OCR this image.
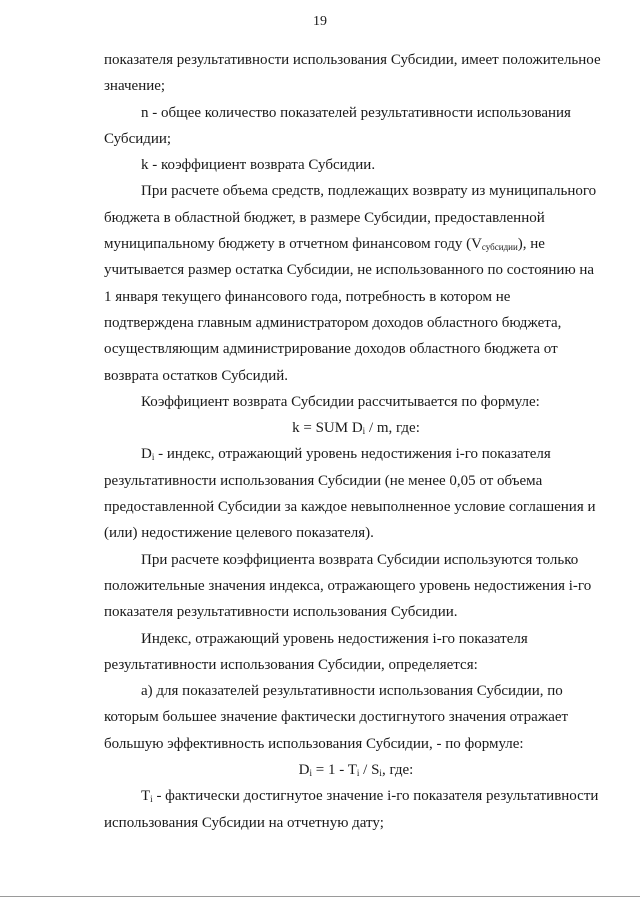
19

показателя результативности использования Субсидии, имеет положительное

значение;

n - общее количество показателей результативности использования

Субсидии;

k - коэффициент возврата Субсидии.

При расчете объема средств, подлежащих возврату из муниципального

бюджета в областной бюджет, в размере Субсидии, предоставленной

муниципальному бюджету в отчетном финансовом году $(V_{субсидии})$, не

учитывается размер остатка Субсидии, не использованного по состоянию на

1 января текущего финансового года, потребность в котором не

подтверждена главным администратором доходов областного бюджета,

осуществляющим администрирование доходов областного бюджета от

возврата остатков Субсидий.

Коэффициент возврата Субсидии рассчитывается по формуле:

k = SUM $D_i$ / m, где:

$D_i$ - индекс, отражающий уровень недостижения i-го показателя

результативности использования Субсидии (не менее 0,05 от объема

предоставленной Субсидии за каждое невыполненное условие соглашения и

(или) недостижение целевого показателя).

При расчете коэффициента возврата Субсидии используются только

положительные значения индекса, отражающего уровень недостижения i-го

показателя результативности использования Субсидии.

Индекс, отражающий уровень недостижения i-го показателя

результативности использования Субсидии, определяется:

а) для показателей результативности использования Субсидии, по

которым большее значение фактически достигнутого значения отражает

большую эффективность использования Субсидии, - по формуле:

$D_i = 1 - T_i / S_i$, где:

$T_i$ - фактически достигнутое значение i-го показателя результативности

использования Субсидии на отчетную дату;
